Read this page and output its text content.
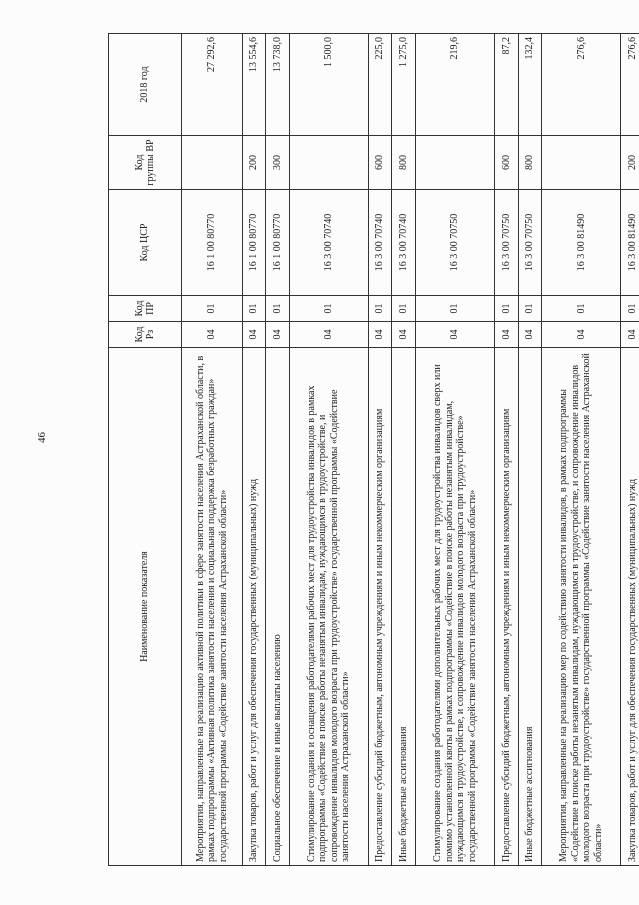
46
Наименование показателя	Код Рз	Код ПР	Код ЦСР	Код группы ВР	2018 год
Мероприятия, направленные на реализацию активной политики в сфере занятости населения Астраханской области, в рамках подпрограммы «Активная политика занятости населения и социальная поддержка безработных граждан» государственной программы «Содействие занятости населения Астраханской области»	04	01	16 1 00 80770		27 292,6
Закупка товаров, работ и услуг для обеспечения государственных (муниципальных) нужд	04	01	16 1 00 80770	200	13 554,6
Социальное обеспечение и иные выплаты населению	04	01	16 1 00 80770	300	13 738,0
Стимулирование создания и оснащения работодателями рабочих мест для трудоустройства инвалидов в рамках подпрограммы «Содействие в поиске работы незанятым инвалидам, нуждающимся в трудоустройстве, и сопровождение инвалидов молодого возраста при трудоустройстве» государственной программы «Содействие занятости населения Астраханской области»	04	01	16 3 00 70740		1 500,0
Предоставление субсидий бюджетным, автономным учреждениям и иным некоммерческим организациям	04	01	16 3 00 70740	600	225,0
Иные бюджетные ассигнования	04	01	16 3 00 70740	800	1 275,0
Стимулирование создания работодателями дополнительных рабочих мест для трудоустройства инвалидов сверх или помимо установленной квоты в рамках подпрограммы «Содействие в поиске работы незанятым инвалидам, нуждающимся в трудоустройстве, и сопровождение инвалидов молодого возраста при трудоустройстве» государственной программы «Содействие занятости населения Астраханской области»	04	01	16 3 00 70750		219,6
Предоставление субсидий бюджетным, автономным учреждениям и иным некоммерческим организациям	04	01	16 3 00 70750	600	87,2
Иные бюджетные ассигнования	04	01	16 3 00 70750	800	132,4
Мероприятия, направленные на реализацию мер по содействию занятости инвалидов, в рамках подпрограммы «Содействие в поиске работы незанятым инвалидам, нуждающимся в трудоустройстве, и сопровождение инвалидов молодого возраста при трудоустройстве» государственной программы «Содействие занятости населения Астраханской области»	04	01	16 3 00 81490		276,6
Закупка товаров, работ и услуг для обеспечения государственных (муниципальных) нужд	04	01	16 3 00 81490	200	276,6
